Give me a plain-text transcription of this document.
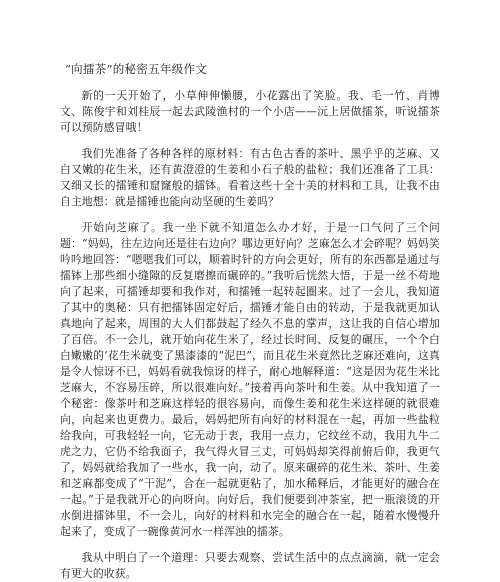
“向擂茶”的秘密五年级作文

新的一天开始了，小草伸伸懒腰，小花露出了笑脸。我、毛一竹、肖博文、陈俊宇和刘桂辰一起去武陵渔村的一个小店——沅上居做擂茶，听说擂茶可以预防感冒哦！

我们先准备了各种各样的原材料：有古色古香的茶叶、黑乎乎的芝麻、又白又嫩的花生米，还有黄澄澄的生姜和小石子般的盐粒；我们还准备了工具：又细又长的擂锤和窟窿般的擂钵。看着这些十全十美的材料和工具，让我不由自主地想：就是擂锤也能向动坚硬的生姜吗？

开始向芝麻了。我一坐下就不知道怎么办才好，于是一口气问了三个问题：“妈妈，往左边向还是往右边向？哪边更好向？芝麻怎么才会碎呢？妈妈笑吟吟地回答：“嗯嗯我们可以，顺着时针的方向会更好，所有的东西都是通过与擂钵上那些细小缝隙的反复磨擦而碾碎的。”我听后恍然大悟，于是一丝不苟地向了起来，可擂锤却要和我作对，和擂锤一起转起圈来。过了一会儿，我知道了其中的奥秘：只有把擂钵固定好后，擂锤才能自由的转动，于是我就更加认真地向了起来，周围的大人们都鼓起了经久不息的掌声，这让我的自信心增加了百倍。不一会儿，就开始向花生米了，经过长时间、反复的碾压，一个个白白嫩嫩的‘花生米就变了黑漆漆的“泥巴”，而且花生米竟然比芝麻还难向，这真是令人惊讶不已，妈妈看就我惊讶的样子，耐心地解释道：“这是因为花生米比芝麻大，不容易压碎，所以很难向好。”接着再向茶叶和生姜。从中我知道了一个秘密：像茶叶和芝麻这样轻的很容易向，而像生姜和花生米这样硬的就很难向，向起来也更费力。最后，妈妈把所有向好的材料混在一起，再加一些盐粒给我向，可我轻轻一向，它无动于衷，我用一点力，它纹丝不动，我用九牛二虎之力，它仍不给我面子，我气得火冒三丈，可妈妈却笑得前俯后仰，我更气了，妈妈就给我加了一些水，我一向，动了。原来碾碎的花生米、茶叶、生姜和芝麻都变成了“干泥”，合在一起就更粘了，加水稀释后，才能更好的融合在一起。”于是我就开心的向呀向。向好后，我们便要到冲茶室，把一瓶滚烫的开水倒进擂钵里，不一会儿，向好的材料和水完全的融合在一起，随着水慢慢升起来了，变成了一碗像黄河水一样浑浊的擂茶。

我从中明白了一个道理：只要去观察、尝试生活中的点点滴滴，就一定会有更大的收获。
